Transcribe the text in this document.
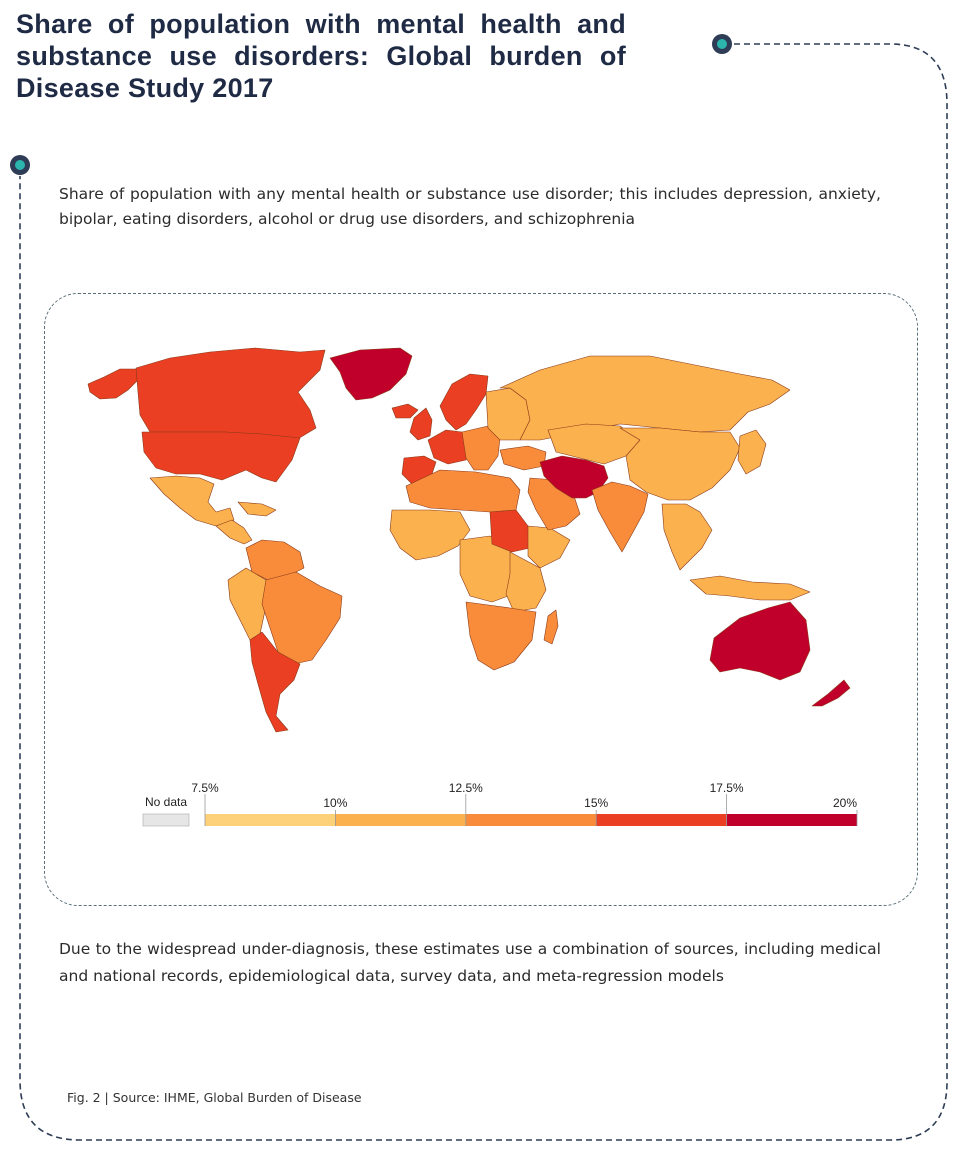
Share of population with mental health and substance use disorders: Global burden of Disease Study 2017

Share of population with any mental health or substance use disorder; this includes depression, anxiety, bipolar, eating disorders, alcohol or drug use disorders, and schizophrenia

No data
7.5%
10%
12.5%
15%
17.5%
20%

Due to the widespread under-diagnosis, these estimates use a combination of sources, including medical and national records, epidemiological data, survey data, and meta-regression models

Fig. 2 | Source: IHME, Global Burden of Disease
